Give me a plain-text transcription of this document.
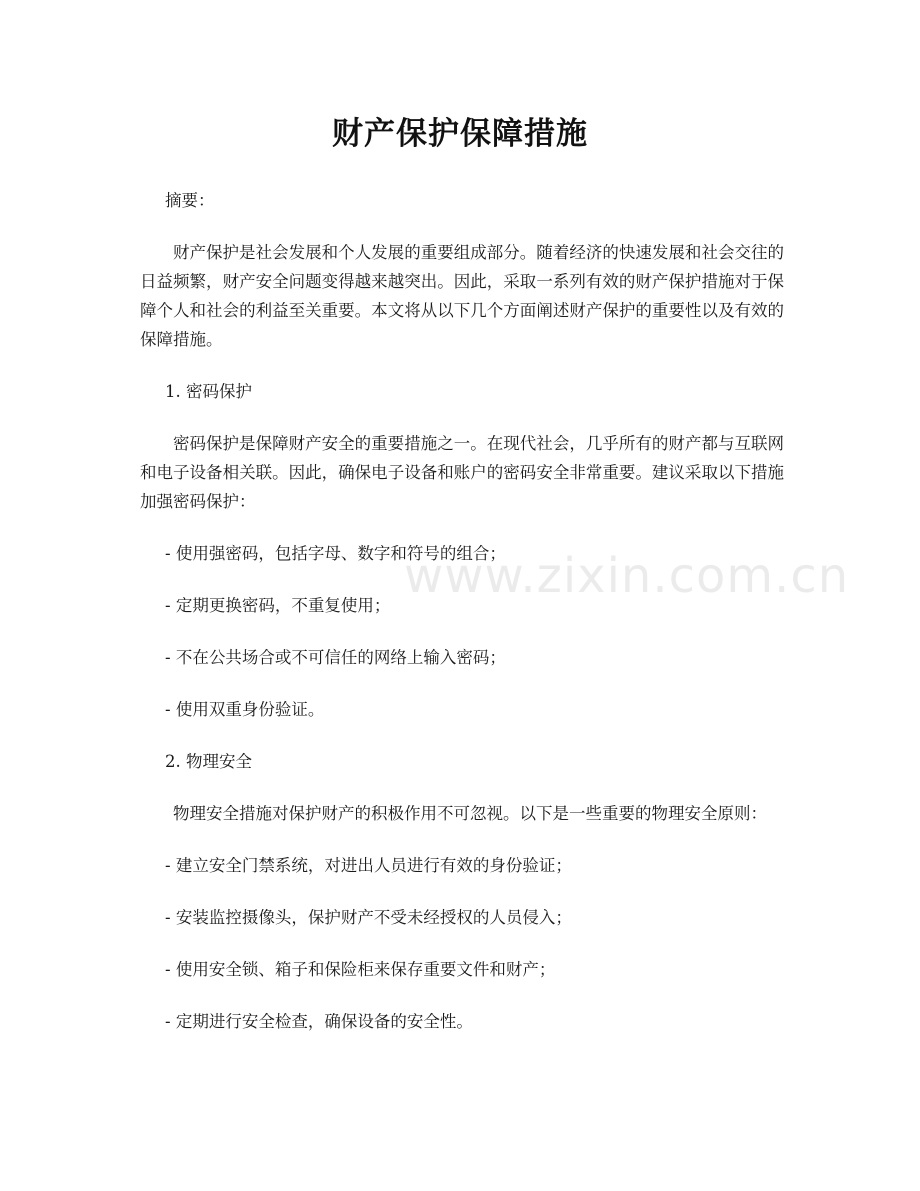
财产保护保障措施

摘要：

财产保护是社会发展和个人发展的重要组成部分。随着经济的快速发展和社会交往的日益频繁，财产安全问题变得越来越突出。因此，采取一系列有效的财产保护措施对于保障个人和社会的利益至关重要。本文将从以下几个方面阐述财产保护的重要性以及有效的保障措施。

1. 密码保护

密码保护是保障财产安全的重要措施之一。在现代社会，几乎所有的财产都与互联网和电子设备相关联。因此，确保电子设备和账户的密码安全非常重要。建议采取以下措施加强密码保护：

- 使用强密码，包括字母、数字和符号的组合；

- 定期更换密码，不重复使用；

- 不在公共场合或不可信任的网络上输入密码；

- 使用双重身份验证。

2. 物理安全

物理安全措施对保护财产的积极作用不可忽视。以下是一些重要的物理安全原则：

- 建立安全门禁系统，对进出人员进行有效的身份验证；

- 安装监控摄像头，保护财产不受未经授权的人员侵入；

- 使用安全锁、箱子和保险柜来保存重要文件和财产；

- 定期进行安全检查，确保设备的安全性。

www.zixin.com.cn
